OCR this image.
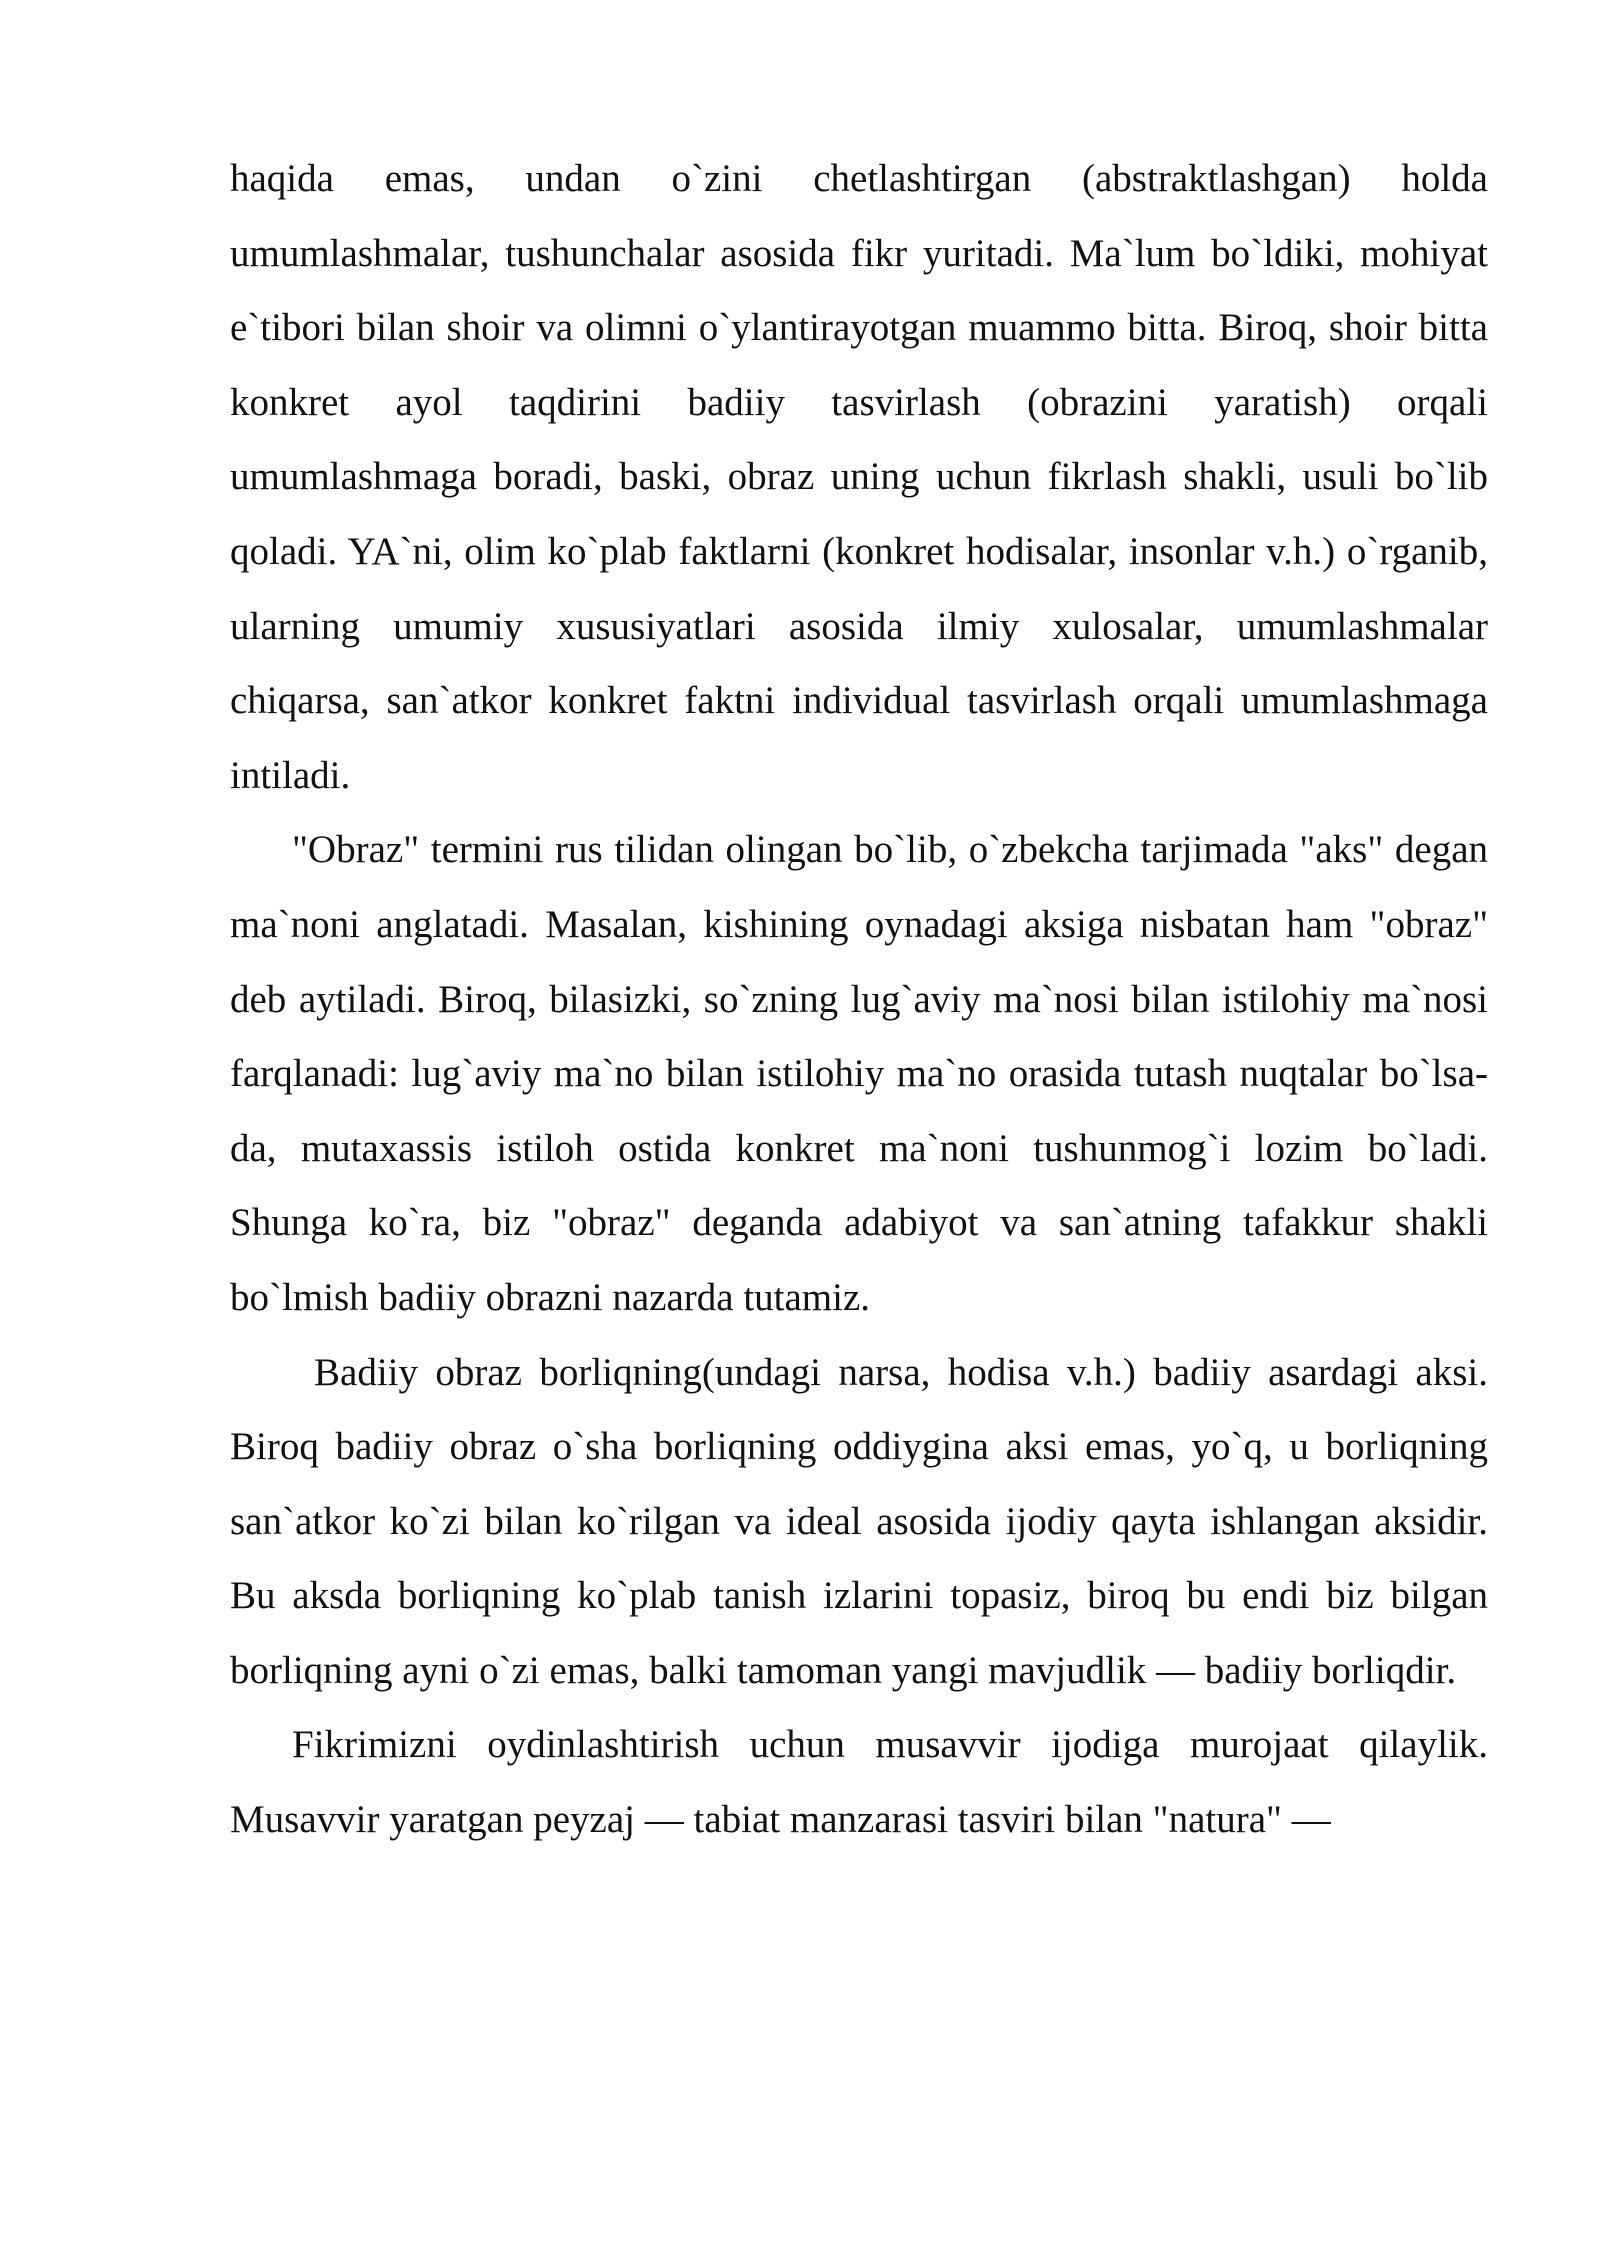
haqida emas, undan o`zini chetlashtirgan (abstraktlashgan) holda umumlashmalar, tushunchalar asosida fikr yuritadi. Ma`lum bo`ldiki, mohiyat e`tibori bilan shoir va olimni o`ylantirayotgan muammo bitta. Biroq, shoir bitta konkret ayol taqdirini badiiy tasvirlash (obrazini yaratish) orqali umumlashmaga boradi, baski, obraz uning uchun fikrlash shakli, usuli bo`lib qoladi. YA`ni, olim ko`plab faktlarni (konkret hodisalar, insonlar v.h.) o`rganib, ularning umumiy xususiyatlari asosida ilmiy xulosalar, umumlashmalar chiqarsa, san`atkor konkret faktni individual tasvirlash orqali umumlashmaga intiladi.

"Obraz" termini rus tilidan olingan bo`lib, o`zbekcha tarjimada "aks" degan ma`noni anglatadi. Masalan, kishining oynadagi aksiga nisbatan ham "obraz" deb aytiladi. Biroq, bilasizki, so`zning lug`aviy ma`nosi bilan istilohiy ma`nosi farqlanadi: lug`aviy ma`no bilan istilohiy ma`no orasida tutash nuqtalar bo`lsa-da, mutaxassis istiloh ostida konkret ma`noni tushunmog`i lozim bo`ladi. Shunga ko`ra, biz "obraz" deganda adabiyot va san`atning tafakkur shakli bo`lmish badiiy obrazni nazarda tutamiz.

Badiiy obraz borliqning(undagi narsa, hodisa v.h.) badiiy asardagi aksi. Biroq badiiy obraz o`sha borliqning oddiygina aksi emas, yo`q, u borliqning san`atkor ko`zi bilan ko`rilgan va ideal asosida ijodiy qayta ishlangan aksidir. Bu aksda borliqning ko`plab tanish izlarini topasiz, biroq bu endi biz bilgan borliqning ayni o`zi emas, balki tamoman yangi mavjudlik — badiiy borliqdir.

Fikrimizni oydinlashtirish uchun musavvir ijodiga murojaat qilaylik. Musavvir yaratgan peyzaj — tabiat manzarasi tasviri bilan "natura" —
